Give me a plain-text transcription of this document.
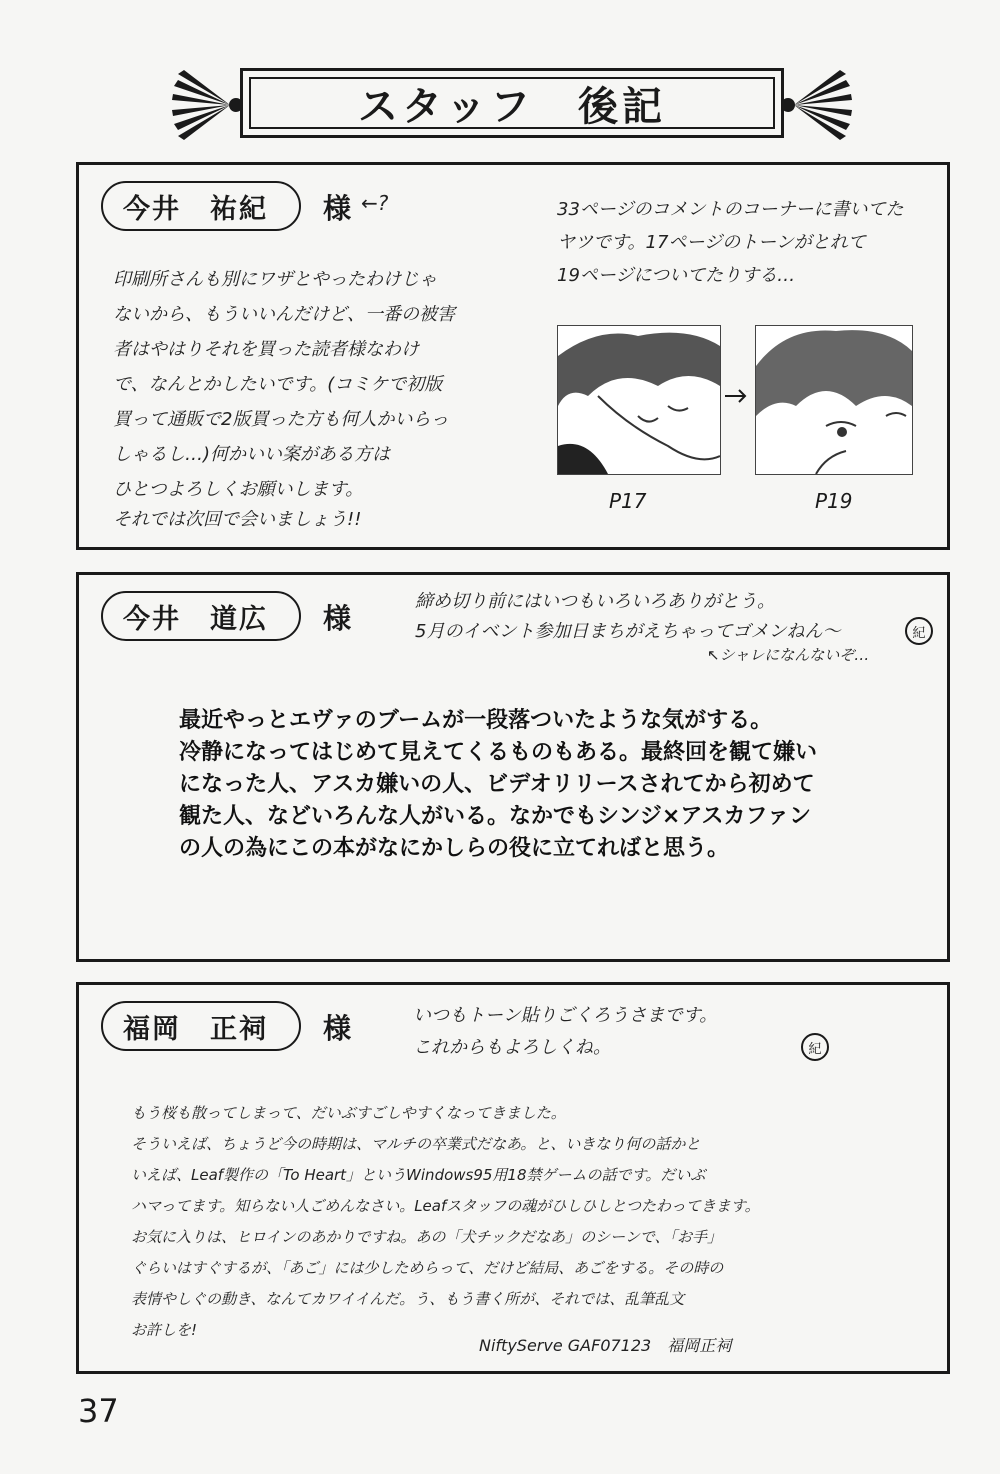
スタッフ　後記
今井　祐紀	様 ←?	33ページのコメントのコーナーに書いてた
ヤツです。17ページのトーンがとれて
19ページについてたりする…
P17	P19
印刷所さんも別にワザとやったわけじゃ
ないから、もういいんだけど、一番の被害
者はやはりそれを買った読者様なわけ
で、なんとかしたいです。(コミケで初版
買って通販で2版買った方も何人かいらっ
しゃるし…)何かいい案がある方は
ひとつよろしくお願いします。
それでは次回で会いましょう!!
今井　道広	様
締め切り前にはいつもいろいろありがとう。
5月のイベント参加日まちがえちゃってゴメンねん〜	紀
↖シャレになんないぞ…
最近やっとエヴァのブームが一段落ついたような気がする。
冷静になってはじめて見えてくるものもある。最終回を観て嫌い
になった人、アスカ嫌いの人、ビデオリリースされてから初めて
観た人、などいろんな人がいる。なかでもシンジ×アスカファン
の人の為にこの本がなにかしらの役に立てればと思う。
福岡　正祠	様	いつもトーン貼りごくろうさまです。
これからもよろしくね。	紀
もう桜も散ってしまって、だいぶすごしやすくなってきました。
そういえば、ちょうど今の時期は、マルチの卒業式だなあ。と、いきなり何の話かと
いえば、Leaf製作の「To Heart」というWindows95用18禁ゲームの話です。だいぶ
ハマってます。知らない人ごめんなさい。Leafスタッフの魂がひしひしとつたわってきます。
お気に入りは、ヒロインのあかりですね。あの「犬チックだなあ」のシーンで、「お手」
ぐらいはすぐするが、「あご」には少しためらって、だけど結局、あごをする。その時の
表情やしぐの動き、なんてカワイイんだ。う、もう書く所が、それでは、乱筆乱文
お許しを!
NiftyServe GAF07123　福岡正祠
37
